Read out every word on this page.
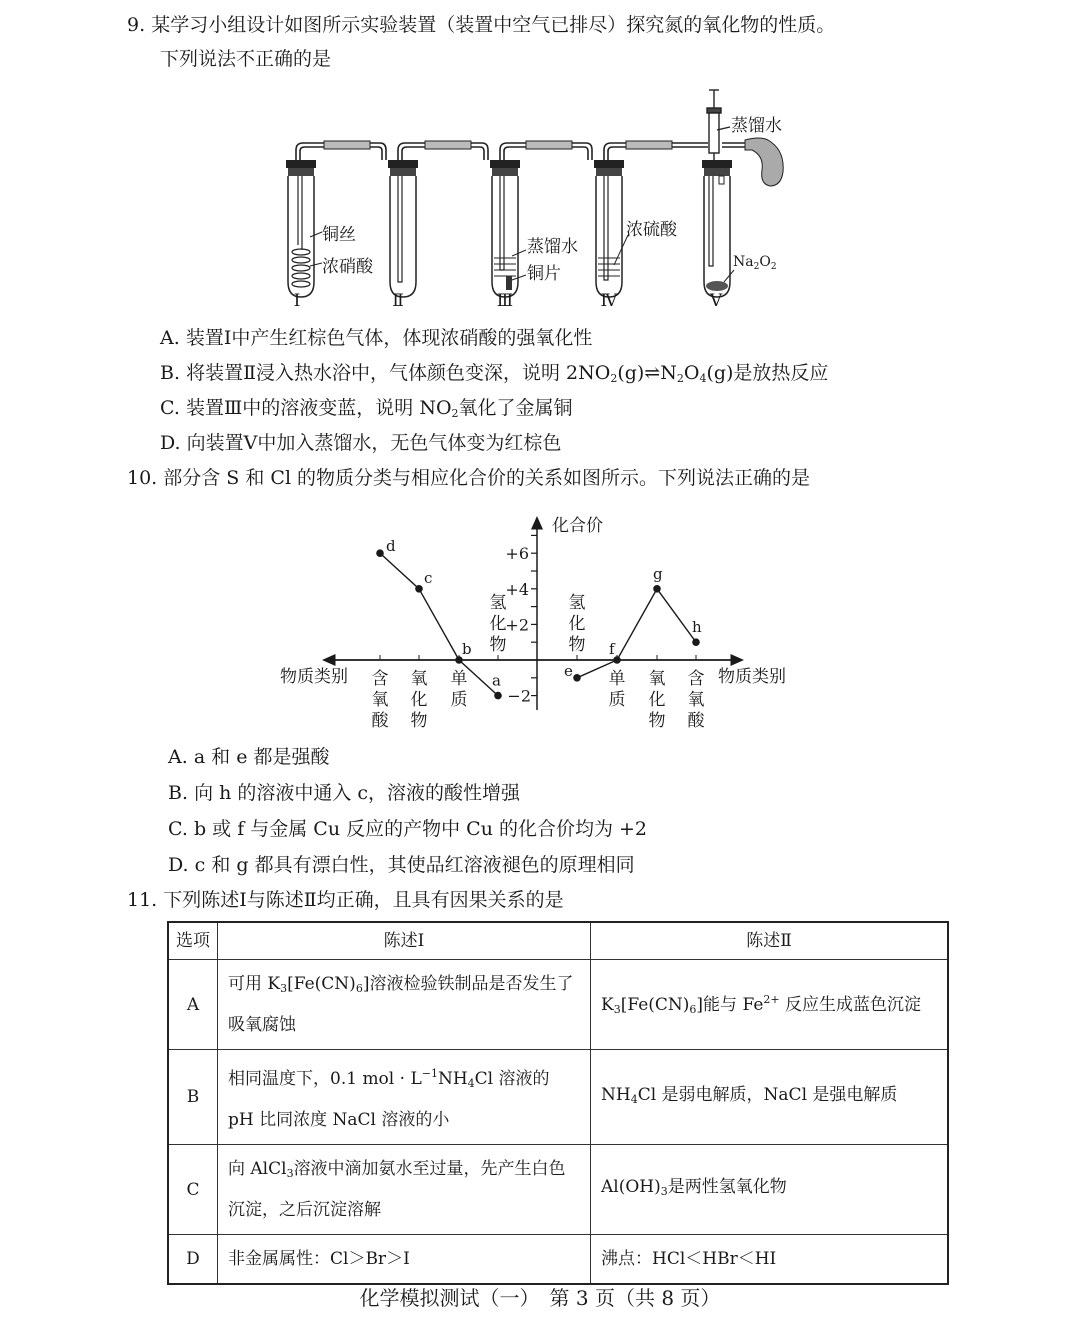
9. 某学习小组设计如图所示实验装置（装置中空气已排尽）探究氮的氧化物的性质。
下列说法不正确的是
铜丝
浓硝酸
蒸馏水
铜片
浓硫酸
蒸馏水
$Na_2O_2$
Ⅰ	Ⅱ	Ⅲ	Ⅳ	Ⅴ
A. 装置Ⅰ中产生红棕色气体，体现浓硝酸的强氧化性
B. 将装置Ⅱ浸入热水浴中，气体颜色变深，说明 $2NO_2(g)\rightleftharpoons N_2O_4(g)$是放热反应
C. 装置Ⅲ中的溶液变蓝，说明 $NO_2$氧化了金属铜
D. 向装置Ⅴ中加入蒸馏水，无色气体变为红棕色
10. 部分含 S 和 Cl 的物质分类与相应化合价的关系如图所示。下列说法正确的是
化合价
物质类别	物质类别
−2
+2
+4
+6
含
氧
酸
氧
化
物
单
质
氢
化
物
氢
化
物
单
质
氧
化
物
含
氧
酸
d
c
b
a
e
f
g
h
A. a 和 e 都是强酸
B. 向 h 的溶液中通入 c，溶液的酸性增强
C. b 或 f 与金属 Cu 反应的产物中 Cu 的化合价均为 +2
D. c 和 g 都具有漂白性，其使品红溶液褪色的原理相同
11. 下列陈述Ⅰ与陈述Ⅱ均正确，且具有因果关系的是
选项	陈述Ⅰ	陈述Ⅱ
A	可用 $K_3[Fe(CN)_6]$溶液检验铁制品是否发生了吸氧腐蚀	$K_3[Fe(CN)_6]$能与 $Fe^{2+}$ 反应生成蓝色沉淀
B	相同温度下，0.1 mol · $L^{-1}NH_4Cl$ 溶液的 pH 比同浓度 NaCl 溶液的小	$NH_4Cl$ 是弱电解质，NaCl 是强电解质
C	向 AlCl$_3$溶液中滴加氨水至过量，先产生白色沉淀，之后沉淀溶解	$Al(OH)_3$是两性氢氧化物
D	非金属属性：Cl＞Br＞I	沸点：HCl＜HBr＜HI
化学模拟测试（一）　第 3 页（共 8 页）
